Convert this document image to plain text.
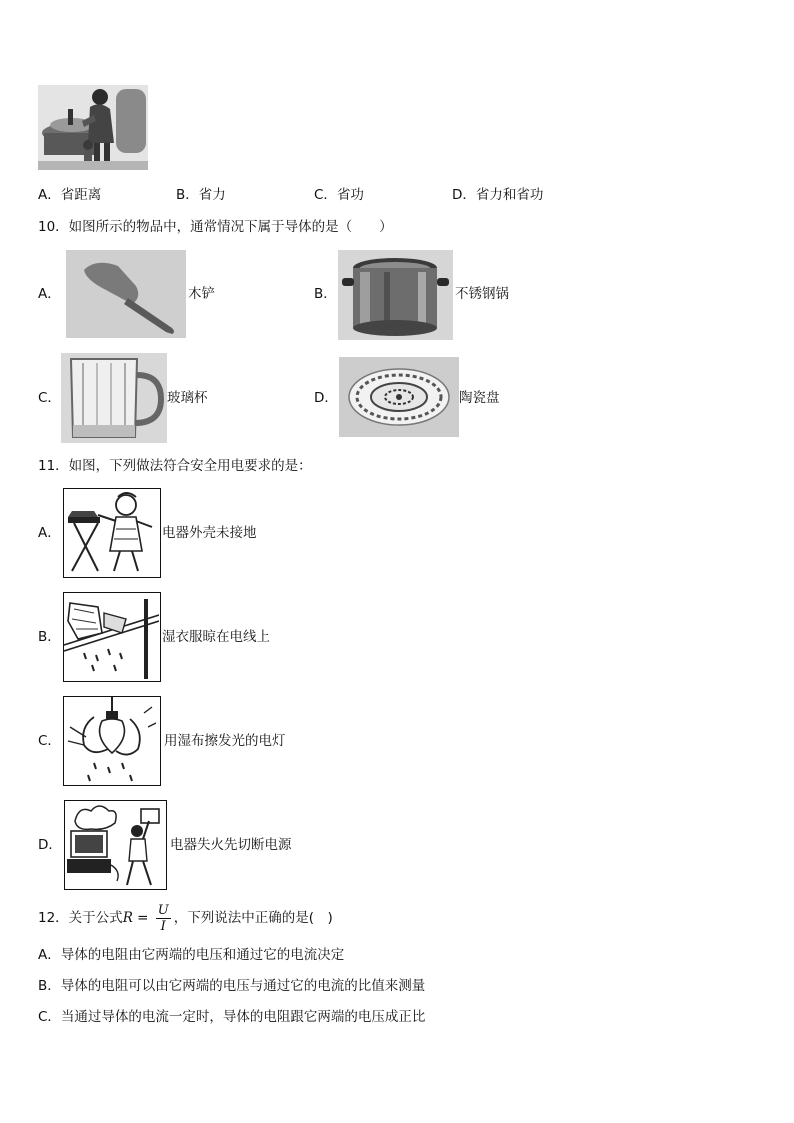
A．省距离	B．省力	C．省功	D．省力和省功
10．如图所示的物品中，通常情况下属于导体的是（　　）
A．	木铲	B．	不锈钢锅
C．	玻璃杯	D．	陶瓷盘
11．如图，下列做法符合安全用电要求的是：
A．	电器外壳未接地
B．	湿衣服晾在电线上
C．	用湿布擦发光的电灯
D．	电器失火先切断电源
12．关于公式$R = \frac{U}{I}$ ，下列说法中正确的是(　)
A．导体的电阻由它两端的电压和通过它的电流决定
B．导体的电阻可以由它两端的电压与通过它的电流的比值来测量
C．当通过导体的电流一定时，导体的电阻跟它两端的电压成正比
